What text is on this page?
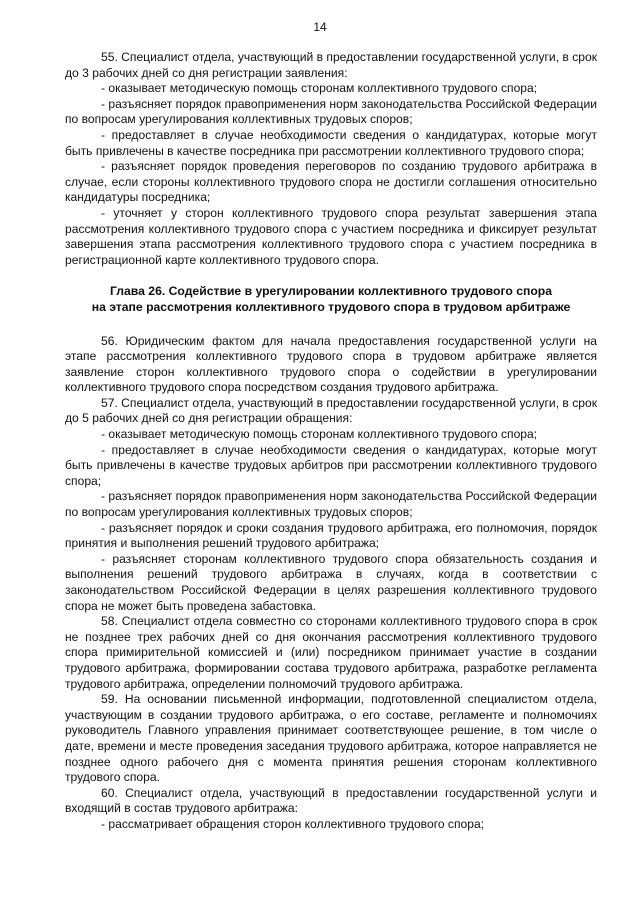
14

55. Специалист отдела, участвующий в предоставлении государственной услуги, в срок до 3 рабочих дней со дня регистрации заявления:

- оказывает методическую помощь сторонам коллективного трудового спора;

- разъясняет порядок правоприменения норм законодательства Российской Федерации по вопросам урегулирования коллективных трудовых споров;

- предоставляет в случае необходимости сведения о кандидатурах, которые могут быть привлечены в качестве посредника при рассмотрении коллективного трудового спора;

- разъясняет порядок проведения переговоров по созданию трудового арбитража в случае, если стороны коллективного трудового спора не достигли соглашения относительно кандидатуры посредника;

- уточняет у сторон коллективного трудового спора результат завершения этапа рассмотрения коллективного трудового спора с участием посредника и фиксирует результат завершения этапа рассмотрения коллективного трудового спора с участием посредника в регистрационной карте коллективного трудового спора.

Глава 26. Содействие в урегулировании коллективного трудового спора
на этапе рассмотрения коллективного трудового спора в трудовом арбитраже

56. Юридическим фактом для начала предоставления государственной услуги на этапе рассмотрения коллективного трудового спора в трудовом арбитраже является заявление сторон коллективного трудового спора о содействии в урегулировании коллективного трудового спора посредством создания трудового арбитража.

57. Специалист отдела, участвующий в предоставлении государственной услуги, в срок до 5 рабочих дней со дня регистрации обращения:

- оказывает методическую помощь сторонам коллективного трудового спора;

- предоставляет в случае необходимости сведения о кандидатурах, которые могут быть привлечены в качестве трудовых арбитров при рассмотрении коллективного трудового спора;

- разъясняет порядок правоприменения норм законодательства Российской Федерации по вопросам урегулирования коллективных трудовых споров;

- разъясняет порядок и сроки создания трудового арбитража, его полномочия, порядок принятия и выполнения решений трудового арбитража;

- разъясняет сторонам коллективного трудового спора обязательность создания и выполнения решений трудового арбитража в случаях, когда в соответствии с законодательством Российской Федерации в целях разрешения коллективного трудового спора не может быть проведена забастовка.

58. Специалист отдела совместно со сторонами коллективного трудового спора в срок не позднее трех рабочих дней со дня окончания рассмотрения коллективного трудового спора примирительной комиссией и (или) посредником принимает участие в создании трудового арбитража, формировании состава трудового арбитража, разработке регламента трудового арбитража, определении полномочий трудового арбитража.

59. На основании письменной информации, подготовленной специалистом отдела, участвующим в создании трудового арбитража, о его составе, регламенте и полномочиях руководитель Главного управления принимает соответствующее решение, в том числе о дате, времени и месте проведения заседания трудового арбитража, которое направляется не позднее одного рабочего дня с момента принятия решения сторонам коллективного трудового спора.

60. Специалист отдела, участвующий в предоставлении государственной услуги и входящий в состав трудового арбитража:

- рассматривает обращения сторон коллективного трудового спора;
